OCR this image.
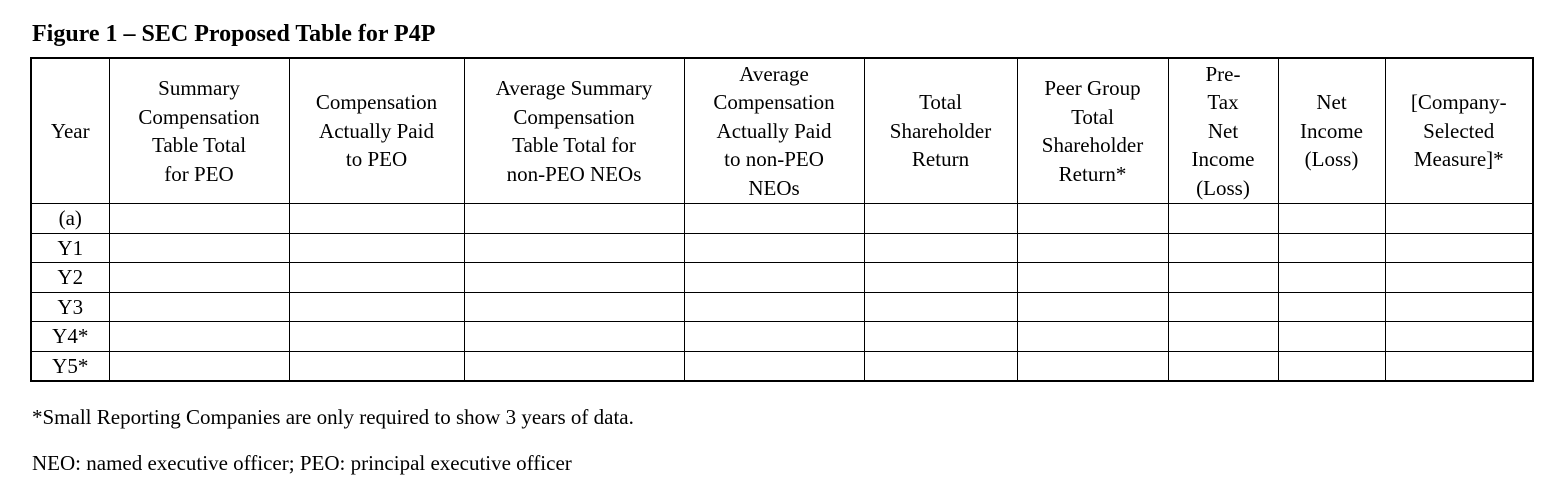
Figure 1 – SEC Proposed Table for P4P
Year	Summary
Compensation
Table Total
for PEO	Compensation
Actually Paid
to PEO	Average Summary
Compensation
Table Total for
non-PEO NEOs	Average
Compensation
Actually Paid
to non-PEO
NEOs	Total
Shareholder
Return	Peer Group
Total
Shareholder
Return*	Pre-
Tax
Net
Income
(Loss)	Net
Income
(Loss)	[Company-
Selected
Measure]*
(a)									
Y1									
Y2									
Y3									
Y4*									
Y5*									
*Small Reporting Companies are only required to show 3 years of data.
NEO: named executive officer; PEO: principal executive officer
